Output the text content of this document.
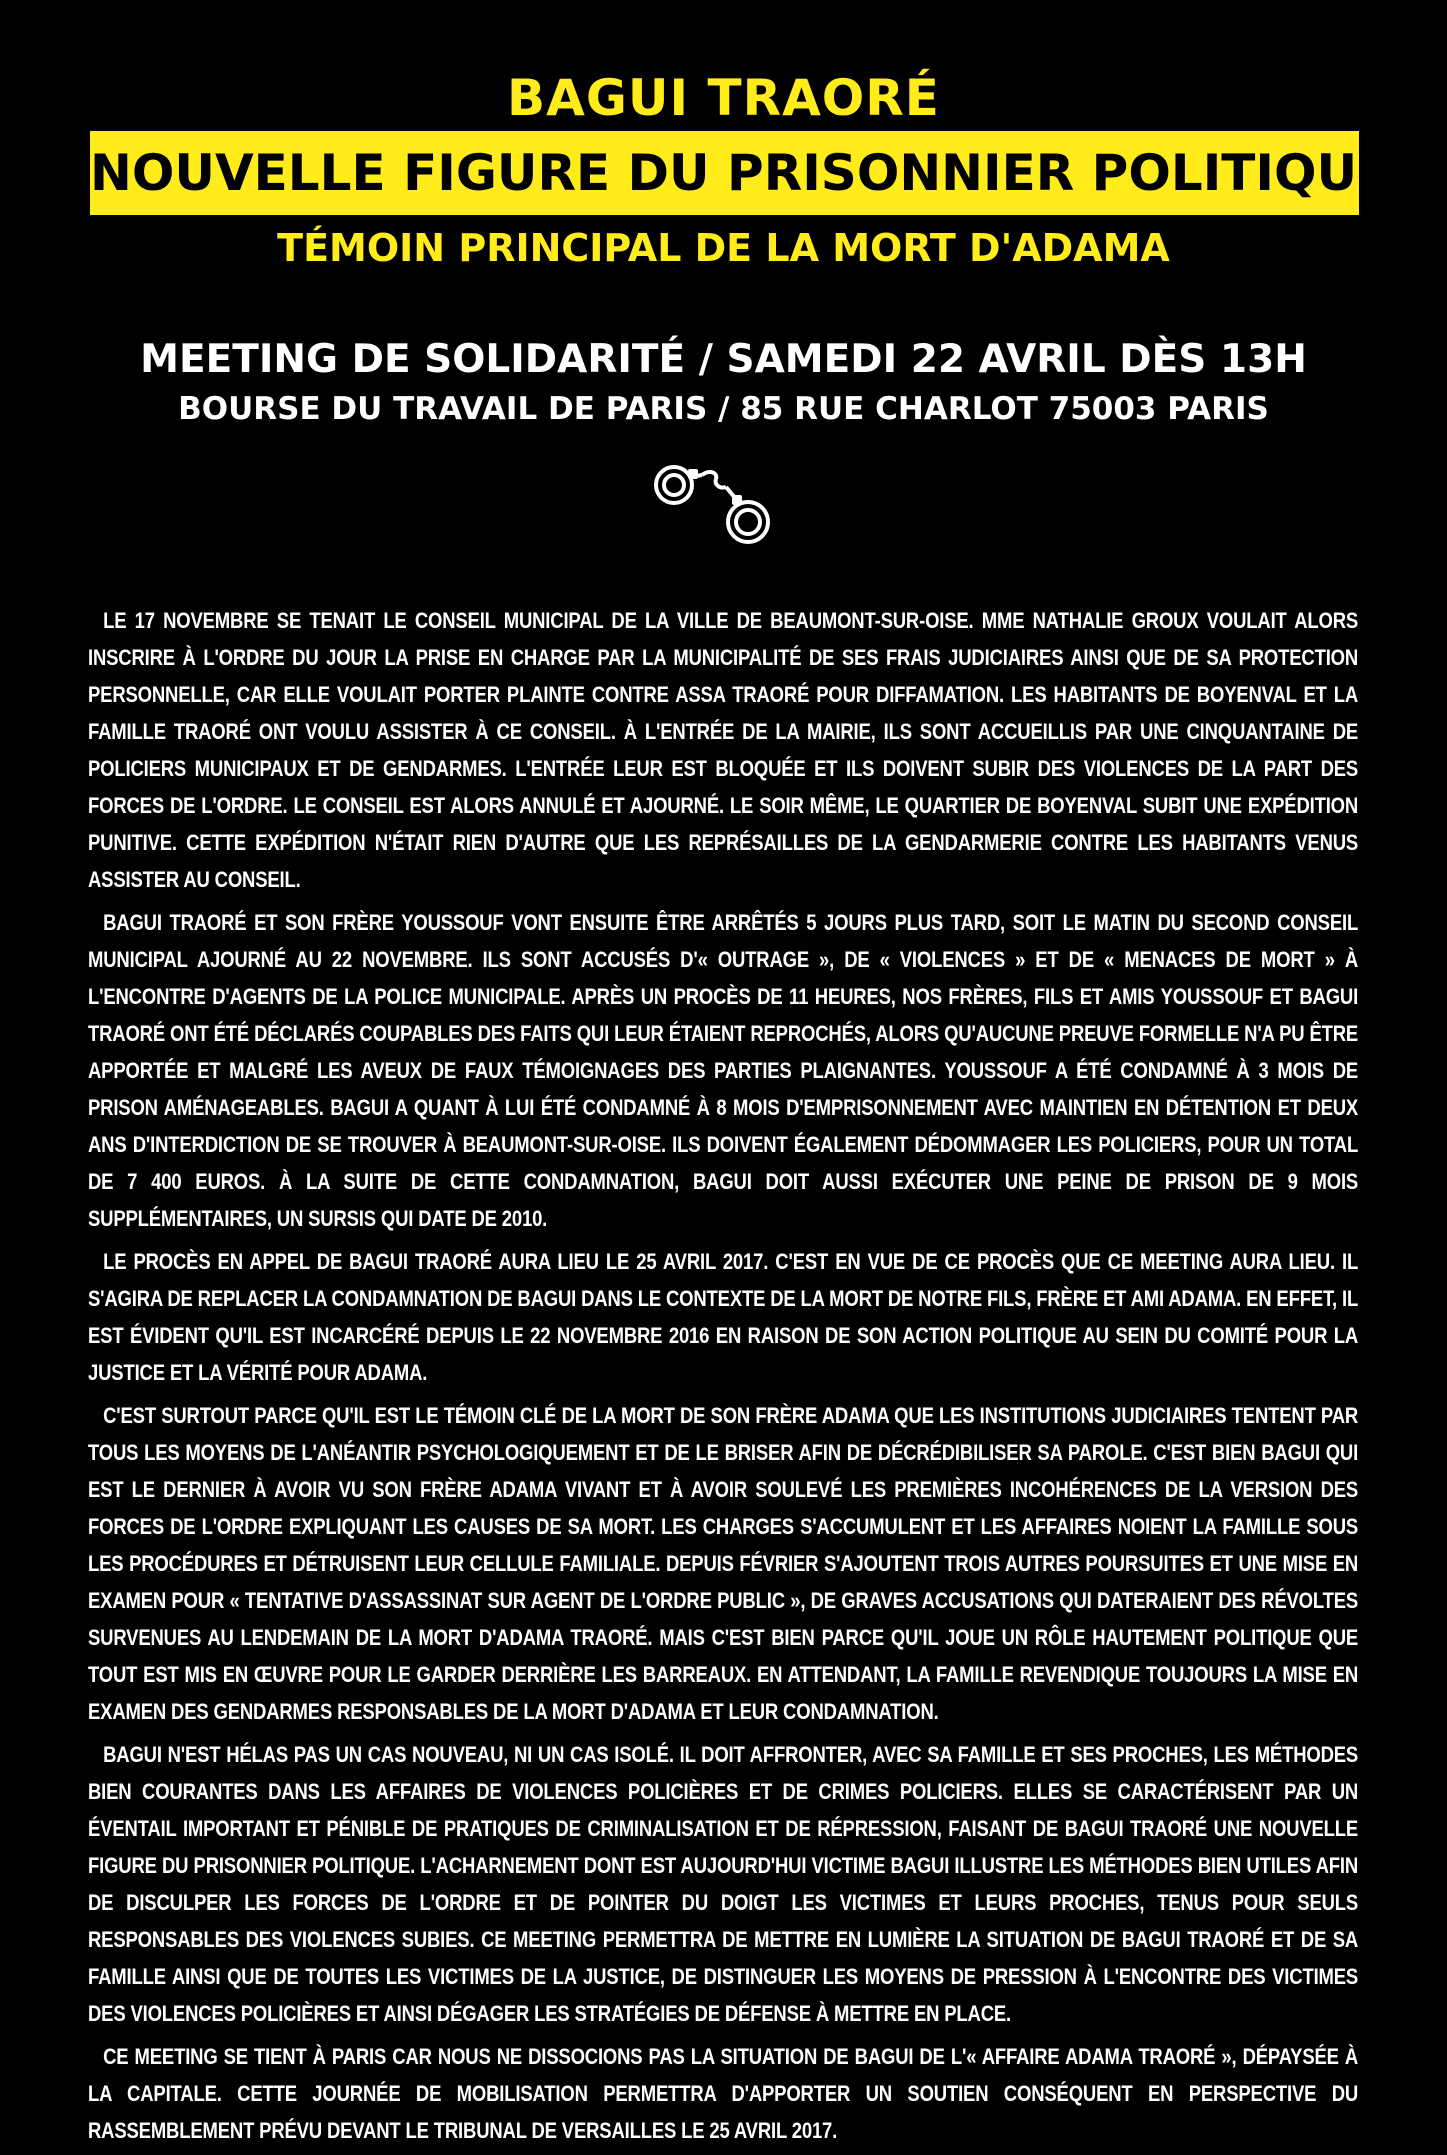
BAGUI TRAORÉ
NOUVELLE FIGURE DU PRISONNIER POLITIQUE
TÉMOIN PRINCIPAL DE LA MORT D'ADAMA
MEETING DE SOLIDARITÉ / SAMEDI 22 AVRIL DÈS 13H
BOURSE DU TRAVAIL DE PARIS / 85 RUE CHARLOT 75003 PARIS

LE 17 NOVEMBRE SE TENAIT LE CONSEIL MUNICIPAL DE LA VILLE DE BEAUMONT-SUR-OISE. MME NATHALIE GROUX VOULAIT ALORS INSCRIRE À L'ORDRE DU JOUR LA PRISE EN CHARGE PAR LA MUNICIPALITÉ DE SES FRAIS JUDICIAIRES AINSI QUE DE SA PROTECTION PERSONNELLE, CAR ELLE VOULAIT PORTER PLAINTE CONTRE ASSA TRAORÉ POUR DIFFAMATION. LES HABITANTS DE BOYENVAL ET LA FAMILLE TRAORÉ ONT VOULU ASSISTER À CE CONSEIL. À L'ENTRÉE DE LA MAIRIE, ILS SONT ACCUEILLIS PAR UNE CINQUANTAINE DE POLICIERS MUNICIPAUX ET DE GENDARMES. L'ENTRÉE LEUR EST BLOQUÉE ET ILS DOIVENT SUBIR DES VIOLENCES DE LA PART DES FORCES DE L'ORDRE. LE CONSEIL EST ALORS ANNULÉ ET AJOURNÉ. LE SOIR MÊME, LE QUARTIER DE BOYENVAL SUBIT UNE EXPÉDITION PUNITIVE. CETTE EXPÉDITION N'ÉTAIT RIEN D'AUTRE QUE LES REPRÉSAILLES DE LA GENDARMERIE CONTRE LES HABITANTS VENUS ASSISTER AU CONSEIL.

BAGUI TRAORÉ ET SON FRÈRE YOUSSOUF VONT ENSUITE ÊTRE ARRÊTÉS 5 JOURS PLUS TARD, SOIT LE MATIN DU SECOND CONSEIL MUNICIPAL AJOURNÉ AU 22 NOVEMBRE. ILS SONT ACCUSÉS D'« OUTRAGE », DE « VIOLENCES » ET DE « MENACES DE MORT » À L'ENCONTRE D'AGENTS DE LA POLICE MUNICIPALE. APRÈS UN PROCÈS DE 11 HEURES, NOS FRÈRES, FILS ET AMIS YOUSSOUF ET BAGUI TRAORÉ ONT ÉTÉ DÉCLARÉS COUPABLES DES FAITS QUI LEUR ÉTAIENT REPROCHÉS, ALORS QU'AUCUNE PREUVE FORMELLE N'A PU ÊTRE APPORTÉE ET MALGRÉ LES AVEUX DE FAUX TÉMOIGNAGES DES PARTIES PLAIGNANTES. YOUSSOUF A ÉTÉ CONDAMNÉ À 3 MOIS DE PRISON AMÉNAGEABLES. BAGUI A QUANT À LUI ÉTÉ CONDAMNÉ À 8 MOIS D'EMPRISONNEMENT AVEC MAINTIEN EN DÉTENTION ET DEUX ANS D'INTERDICTION DE SE TROUVER À BEAUMONT-SUR-OISE. ILS DOIVENT ÉGALEMENT DÉDOMMAGER LES POLICIERS, POUR UN TOTAL DE 7 400 EUROS. À LA SUITE DE CETTE CONDAMNATION, BAGUI DOIT AUSSI EXÉCUTER UNE PEINE DE PRISON DE 9 MOIS SUPPLÉMENTAIRES, UN SURSIS QUI DATE DE 2010.

LE PROCÈS EN APPEL DE BAGUI TRAORÉ AURA LIEU LE 25 AVRIL 2017. C'EST EN VUE DE CE PROCÈS QUE CE MEETING AURA LIEU. IL S'AGIRA DE REPLACER LA CONDAMNATION DE BAGUI DANS LE CONTEXTE DE LA MORT DE NOTRE FILS, FRÈRE ET AMI ADAMA. EN EFFET, IL EST ÉVIDENT QU'IL EST INCARCÉRÉ DEPUIS LE 22 NOVEMBRE 2016 EN RAISON DE SON ACTION POLITIQUE AU SEIN DU COMITÉ POUR LA JUSTICE ET LA VÉRITÉ POUR ADAMA.

C'EST SURTOUT PARCE QU'IL EST LE TÉMOIN CLÉ DE LA MORT DE SON FRÈRE ADAMA QUE LES INSTITUTIONS JUDICIAIRES TENTENT PAR TOUS LES MOYENS DE L'ANÉANTIR PSYCHOLOGIQUEMENT ET DE LE BRISER AFIN DE DÉCRÉDIBILISER SA PAROLE. C'EST BIEN BAGUI QUI EST LE DERNIER À AVOIR VU SON FRÈRE ADAMA VIVANT ET À AVOIR SOULEVÉ LES PREMIÈRES INCOHÉRENCES DE LA VERSION DES FORCES DE L'ORDRE EXPLIQUANT LES CAUSES DE SA MORT. LES CHARGES S'ACCUMULENT ET LES AFFAIRES NOIENT LA FAMILLE SOUS LES PROCÉDURES ET DÉTRUISENT LEUR CELLULE FAMILIALE. DEPUIS FÉVRIER S'AJOUTENT TROIS AUTRES POURSUITES ET UNE MISE EN EXAMEN POUR « TENTATIVE D'ASSASSINAT SUR AGENT DE L'ORDRE PUBLIC », DE GRAVES ACCUSATIONS QUI DATERAIENT DES RÉVOLTES SURVENUES AU LENDEMAIN DE LA MORT D'ADAMA TRAORÉ. MAIS C'EST BIEN PARCE QU'IL JOUE UN RÔLE HAUTEMENT POLITIQUE QUE TOUT EST MIS EN ŒUVRE POUR LE GARDER DERRIÈRE LES BARREAUX. EN ATTENDANT, LA FAMILLE REVENDIQUE TOUJOURS LA MISE EN EXAMEN DES GENDARMES RESPONSABLES DE LA MORT D'ADAMA ET LEUR CONDAMNATION.

BAGUI N'EST HÉLAS PAS UN CAS NOUVEAU, NI UN CAS ISOLÉ. IL DOIT AFFRONTER, AVEC SA FAMILLE ET SES PROCHES, LES MÉTHODES BIEN COURANTES DANS LES AFFAIRES DE VIOLENCES POLICIÈRES ET DE CRIMES POLICIERS. ELLES SE CARACTÉRISENT PAR UN ÉVENTAIL IMPORTANT ET PÉNIBLE DE PRATIQUES DE CRIMINALISATION ET DE RÉPRESSION, FAISANT DE BAGUI TRAORÉ UNE NOUVELLE FIGURE DU PRISONNIER POLITIQUE. L'ACHARNEMENT DONT EST AUJOURD'HUI VICTIME BAGUI ILLUSTRE LES MÉTHODES BIEN UTILES AFIN DE DISCULPER LES FORCES DE L'ORDRE ET DE POINTER DU DOIGT LES VICTIMES ET LEURS PROCHES, TENUS POUR SEULS RESPONSABLES DES VIOLENCES SUBIES. CE MEETING PERMETTRA DE METTRE EN LUMIÈRE LA SITUATION DE BAGUI TRAORÉ ET DE SA FAMILLE AINSI QUE DE TOUTES LES VICTIMES DE LA JUSTICE, DE DISTINGUER LES MOYENS DE PRESSION À L'ENCONTRE DES VICTIMES DES VIOLENCES POLICIÈRES ET AINSI DÉGAGER LES STRATÉGIES DE DÉFENSE À METTRE EN PLACE.

CE MEETING SE TIENT À PARIS CAR NOUS NE DISSOCIONS PAS LA SITUATION DE BAGUI DE L'« AFFAIRE ADAMA TRAORÉ », DÉPAYSÉE À LA CAPITALE. CETTE JOURNÉE DE MOBILISATION PERMETTRA D'APPORTER UN SOUTIEN CONSÉQUENT EN PERSPECTIVE DU RASSEMBLEMENT PRÉVU DEVANT LE TRIBUNAL DE VERSAILLES LE 25 AVRIL 2017.
